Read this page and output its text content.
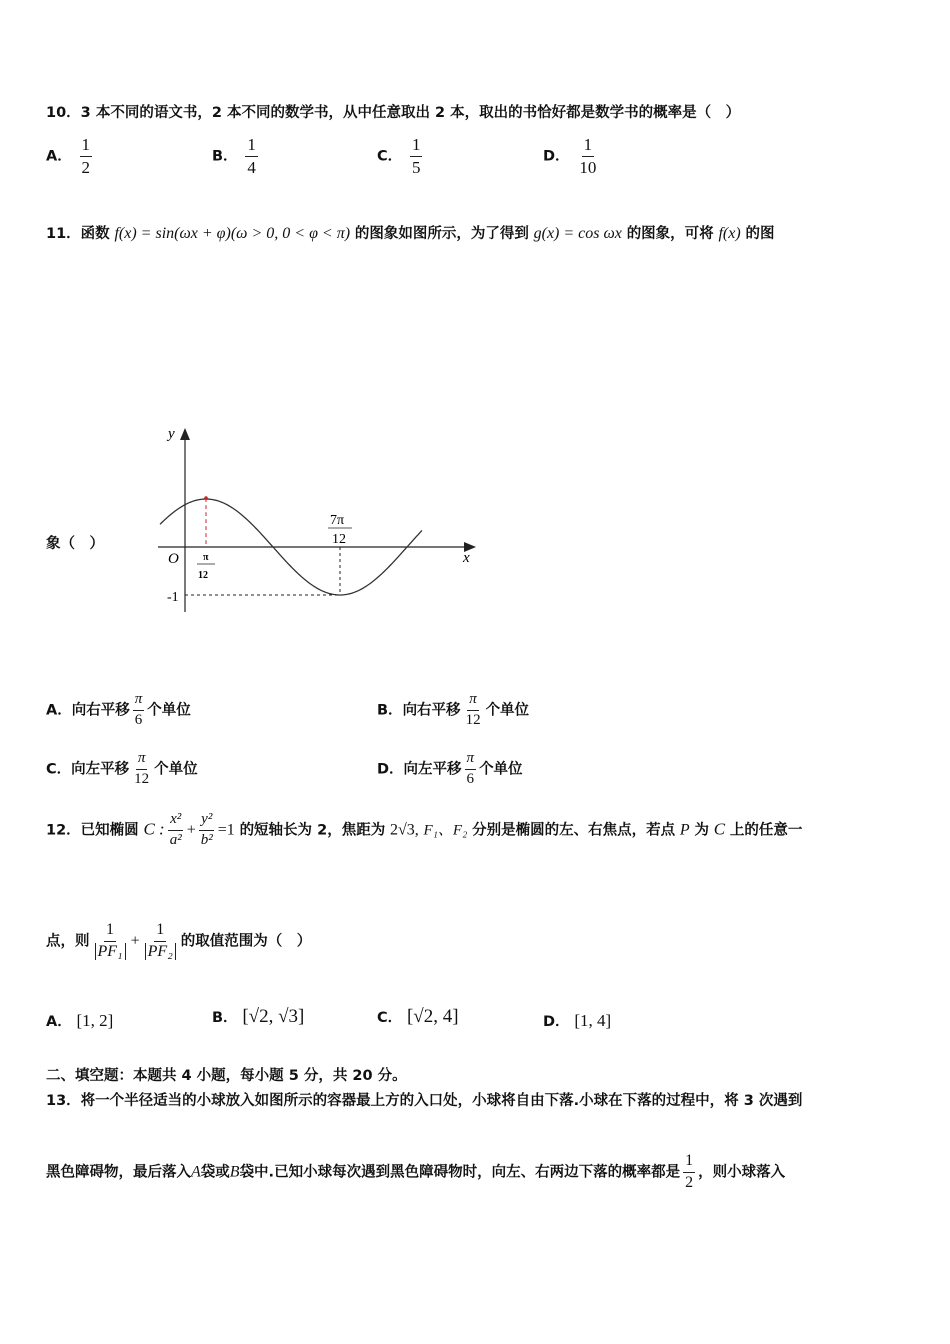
10．3 本不同的语文书，2 本不同的数学书，从中任意取出 2 本，取出的书恰好都是数学书的概率是（　）
A． $\frac{1}{2}$	B． $\frac{1}{4}$	C． $\frac{1}{5}$	D． $\frac{1}{10}$
11．函数 f(x) = sin(ωx + φ)(ω > 0, 0 < φ < π) 的图象如图所示，为了得到 g(x) = cos ωx 的图象，可将 f(x) 的图
象（　）
y
x
O
-1
π
12
7π
12
A．向右平移 $\frac{\pi}{6}$ 个单位	B．向右平移 $\frac{\pi}{12}$ 个单位
C．向左平移 $\frac{\pi}{12}$ 个单位	D．向左平移 $\frac{\pi}{6}$ 个单位
12．已知椭圆 C : $\frac{\text{x²}}{\text{a²}} + \frac{\text{y²}}{\text{b²}} =1$ 的短轴长为 2，焦距为 2√3, F₁、F₂ 分别是椭圆的左、右焦点，若点 P 为 C 上的任意一
点，则 $\frac{1}{\text{PF₁}} + \frac{1}{\text{PF₂}}$ 的取值范围为（　）
A． [1, 2]	B． [√2, √3]	C． [√2, 4]	D． [1, 4]
二、填空题：本题共 4 小题，每小题 5 分，共 20 分。
13．将一个半径适当的小球放入如图所示的容器最上方的入口处，小球将自由下落.小球在下落的过程中，将 3 次遇到
黑色障碍物，最后落入A袋或B袋中.已知小球每次遇到黑色障碍物时，向左、右两边下落的概率都是 $\frac{1}{2}$ ，则小球落入
